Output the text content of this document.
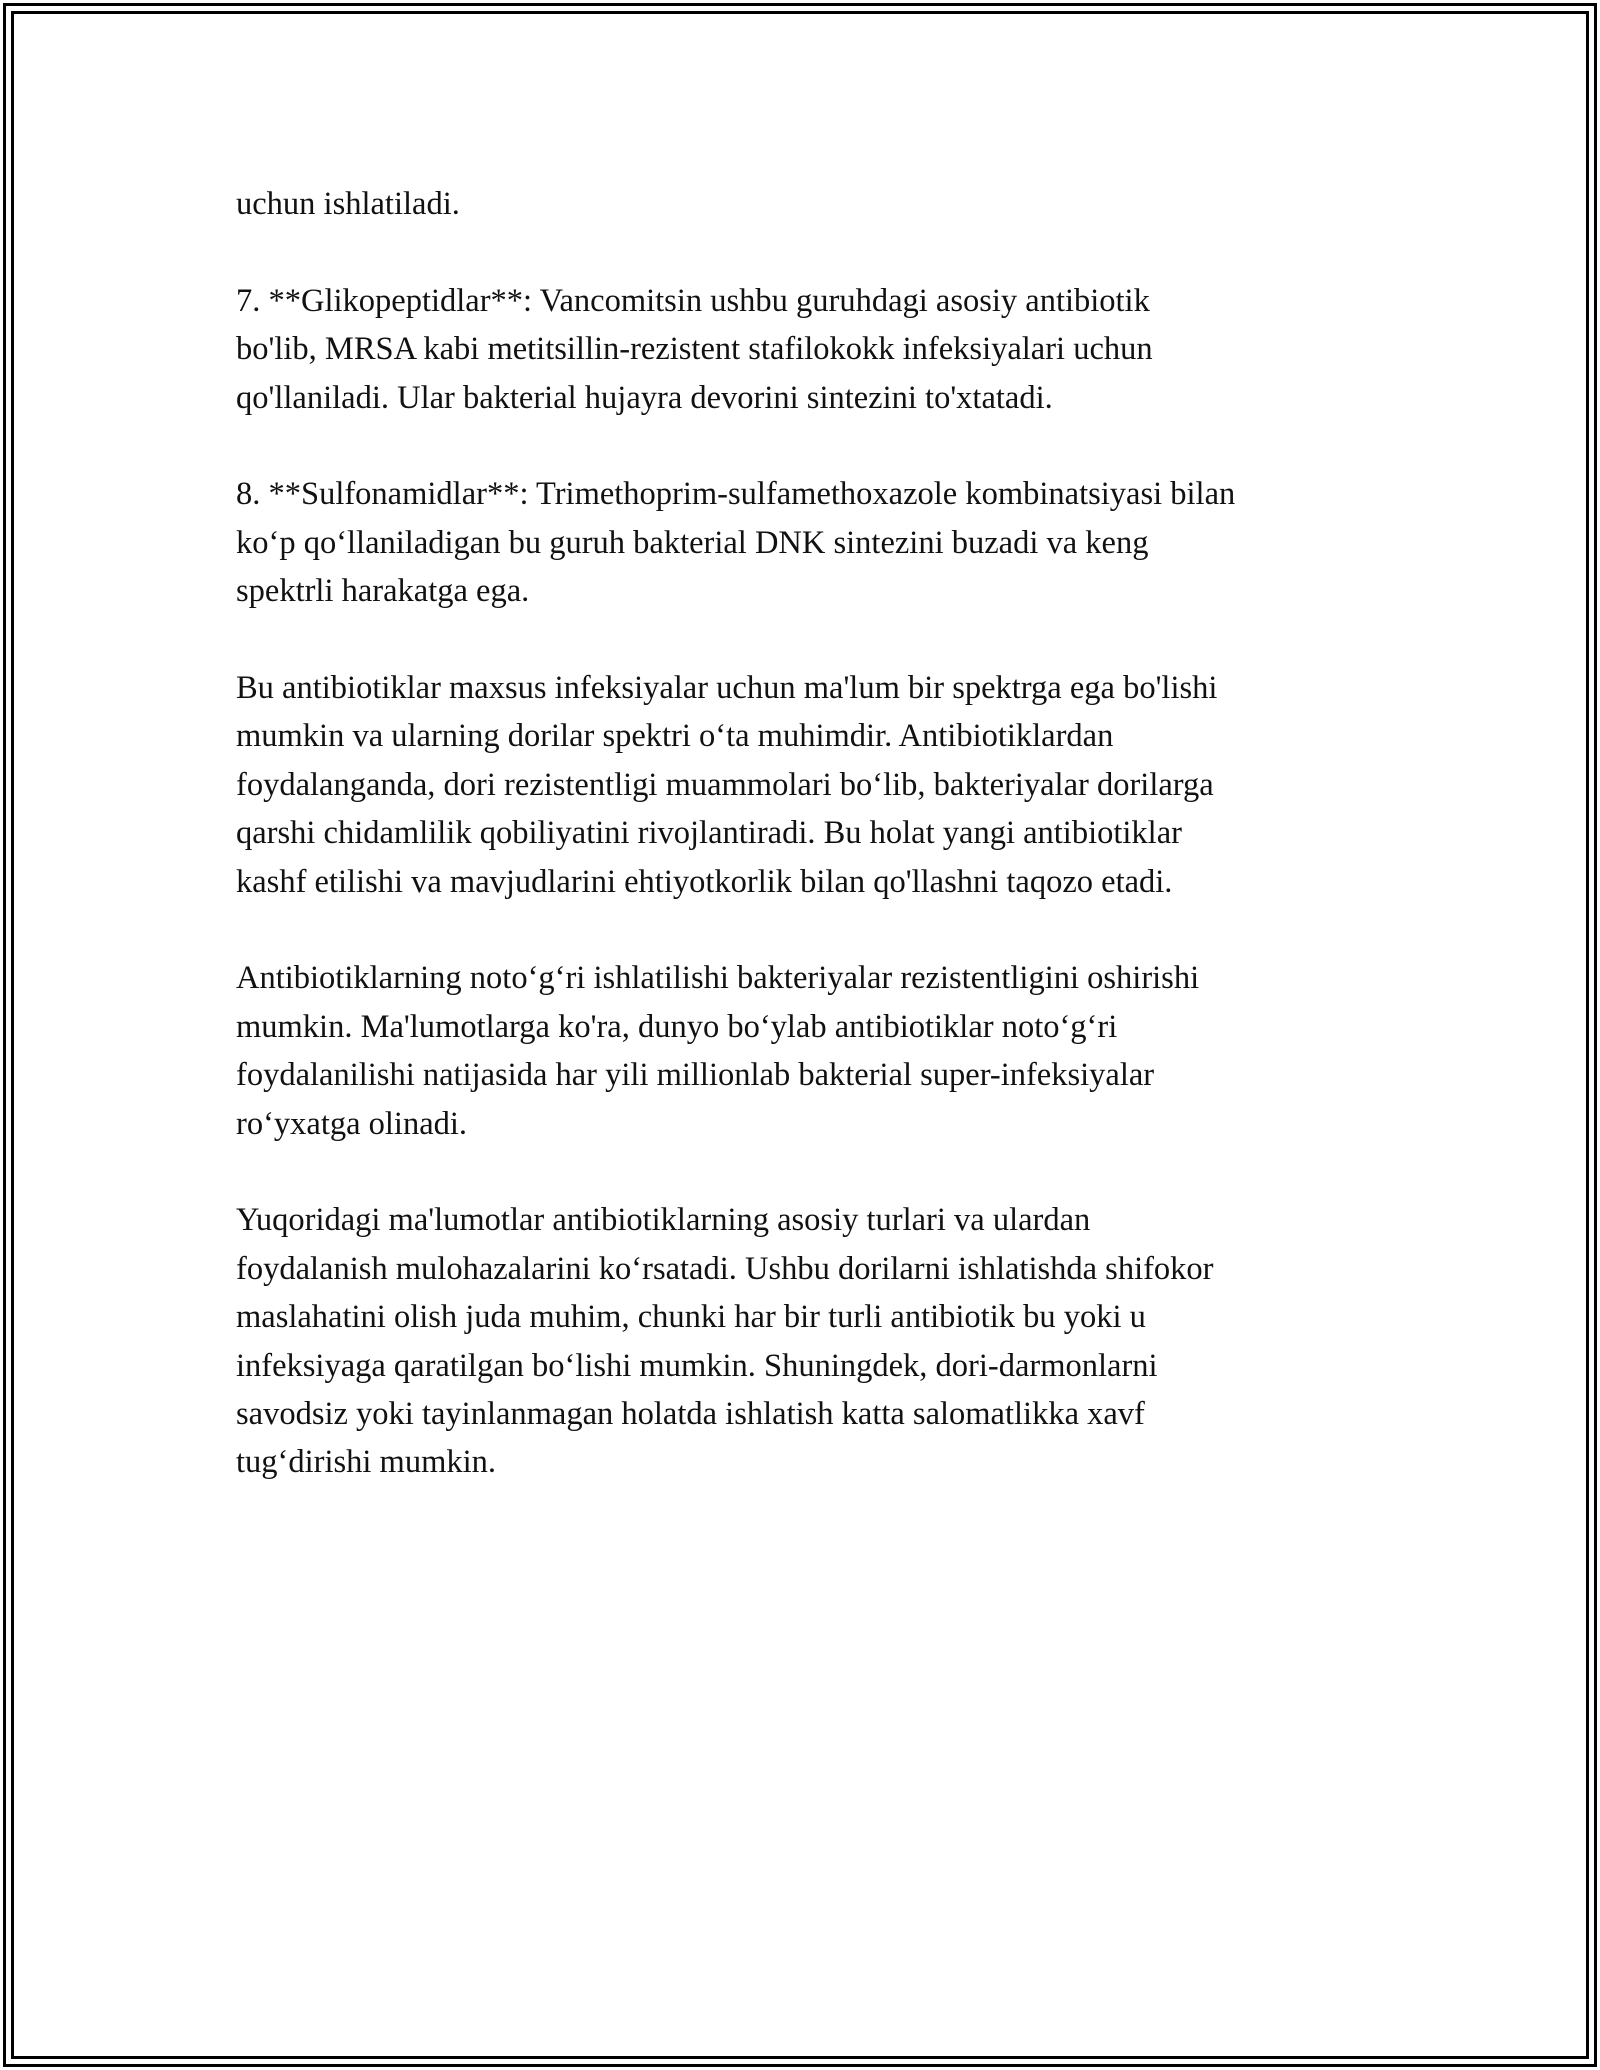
uchun ishlatiladi.

7. **Glikopeptidlar**: Vancomitsin ushbu guruhdagi asosiy antibiotik
bo'lib, MRSA kabi metitsillin-rezistent stafilokokk infeksiyalari uchun
qo'llaniladi. Ular bakterial hujayra devorini sintezini to'xtatadi.

8. **Sulfonamidlar**: Trimethoprim-sulfamethoxazole kombinatsiyasi bilan
ko‘p qo‘llaniladigan bu guruh bakterial DNK sintezini buzadi va keng
spektrli harakatga ega.

Bu antibiotiklar maxsus infeksiyalar uchun ma'lum bir spektrga ega bo'lishi
mumkin va ularning dorilar spektri o‘ta muhimdir. Antibiotiklardan
foydalanganda, dori rezistentligi muammolari bo‘lib, bakteriyalar dorilarga
qarshi chidamlilik qobiliyatini rivojlantiradi. Bu holat yangi antibiotiklar
kashf etilishi va mavjudlarini ehtiyotkorlik bilan qo'llashni taqozo etadi.

Antibiotiklarning noto‘g‘ri ishlatilishi bakteriyalar rezistentligini oshirishi
mumkin. Ma'lumotlarga ko'ra, dunyo bo‘ylab antibiotiklar noto‘g‘ri
foydalanilishi natijasida har yili millionlab bakterial super-infeksiyalar
ro‘yxatga olinadi.

Yuqoridagi ma'lumotlar antibiotiklarning asosiy turlari va ulardan
foydalanish mulohazalarini ko‘rsatadi. Ushbu dorilarni ishlatishda shifokor
maslahatini olish juda muhim, chunki har bir turli antibiotik bu yoki u
infeksiyaga qaratilgan bo‘lishi mumkin. Shuningdek, dori-darmonlarni
savodsiz yoki tayinlanmagan holatda ishlatish katta salomatlikka xavf
tug‘dirishi mumkin.
